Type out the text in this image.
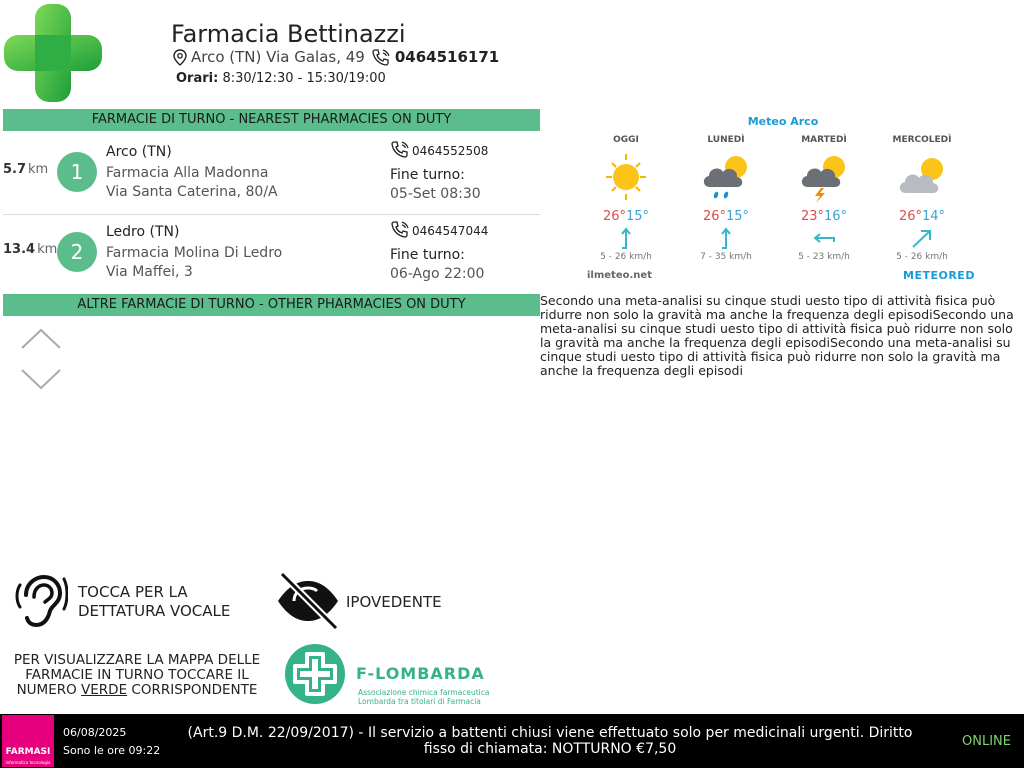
Farmacia Bettinazzi
Arco (TN) Via Galas, 49 0464516171
Orari: 8:30/12:30 - 15:30/19:00
FARMACIE DI TURNO - NEAREST PHARMACIES ON DUTY
5.7 km	1
Arco (TN)
Farmacia Alla Madonna
Via Santa Caterina, 80/A
0464552508
Fine turno:
05-Set 08:30
13.4 km 2
Ledro (TN)
Farmacia Molina Di Ledro
Via Maffei, 3
0464547044
Fine turno:
06-Ago 22:00
ALTRE FARMACIE DI TURNO - OTHER PHARMACIES ON DUTY
Meteo Arco
OGGI
26°15°
5 - 26 km/h
LUNEDÌ
26°15°
7 - 35 km/h
MARTEDÌ
23°16°
5 - 23 km/h
MERCOLEDÌ
26°14°
5 - 26 km/h
ilmeteo.net	METEORED
Secondo una meta-analisi su cinque studi uesto tipo di attività fisica può ridurre non solo la gravità ma anche la frequenza degli episodiSecondo una meta-analisi su cinque studi uesto tipo di attività fisica può ridurre non solo la gravità ma anche la frequenza degli episodiSecondo una meta-analisi su cinque studi uesto tipo di attività fisica può ridurre non solo la gravità ma anche la frequenza degli episodi
TOCCA PER LA
DETTATURA VOCALE	IPOVEDENTE
PER VISUALIZZARE LA MAPPA DELLE
FARMACIE IN TURNO TOCCARE IL
NUMERO VERDE CORRISPONDENTE
F-LOMBARDA
Associazione chimica farmaceutica
Lombarda tra titolari di Farmacia
FARMASI
informatica tecnologia
06/08/2025
Sono le ore 09:22
(Art.9 D.M. 22/09/2017) - Il servizio a battenti chiusi viene effettuato solo per medicinali urgenti. Diritto fisso di chiamata: NOTTURNO €7,50	ONLINE
